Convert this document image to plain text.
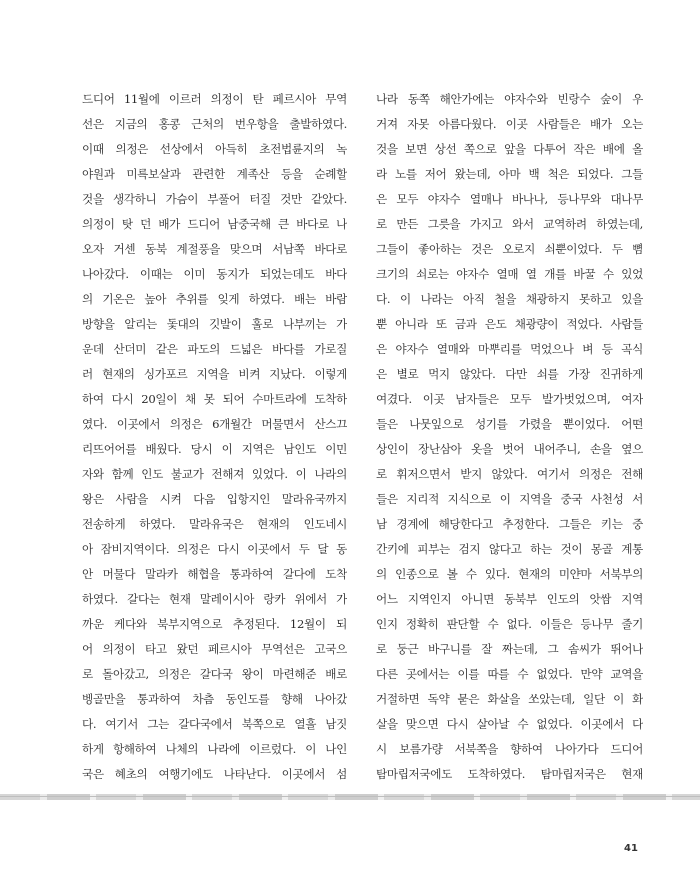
드디어 11월에 이르러 의정이 탄 페르시아 무역
선은 지금의 홍콩 근처의 번우항을 출발하였다.
이때 의정은 선상에서 아득히 초전법륜지의 녹
야원과 미륵보살과 관련한 계족산 등을 순례할
것을 생각하니 가슴이 부풀어 터질 것만 같았다.
의정이 탓 던 배가 드디어 남중국해 큰 바다로 나
오자 거센 동북 계절풍을 맞으며 서남쪽 바다로
나아갔다. 이때는 이미 동지가 되었는데도 바다
의 기온은 높아 추위를 잊게 하였다. 배는 바람
방향을 알리는 돛대의 깃발이 훌로 나부끼는 가
운데 산더미 같은 파도의 드넓은 바다를 가로질
러 현재의 싱가포르 지역을 비켜 지났다. 이렇게
하여 다시 20일이 채 못 되어 수마트라에 도착하
였다. 이곳에서 의정은 6개월간 머물면서 산스끄
리뜨어어를 배웠다. 당시 이 지역은 남인도 이민
자와 함께 인도 불교가 전해져 있었다. 이 나라의
왕은 사람을 시켜 다음 입항지인 말라유국까지
전송하게 하였다. 말라유국은 현재의 인도네시
아 잠비지역이다. 의정은 다시 이곳에서 두 달 동
안 머물다 말라카 해협을 통과하여 갈다에 도착
하였다. 갈다는 현재 말레이시아 랑카 위에서 가
까운 케다와 북부지역으로 추정된다. 12월이 되
어 의정이 타고 왔던 페르시아 무역선은 고국으
로 돌아갔고, 의정은 갈다국 왕이 마련해준 배로
벵골만을 통과하여 차츰 동인도를 향해 나아갔
다. 여기서 그는 갈다국에서 북쪽으로 열흘 남짓
하게 항해하여 나체의 나라에 이르렀다. 이 나인
국은 혜초의 여행기에도 나타난다. 이곳에서 섬
나라 동쪽 해안가에는 야자수와 빈랑수 숲이 우
거져 자못 아름다웠다. 이곳 사람들은 배가 오는
것을 보면 상선 쪽으로 앞을 다투어 작은 배에 올
라 노를 저어 왔는데, 아마 백 척은 되었다. 그들
은 모두 야자수 열매나 바나나, 등나무와 대나무
로 만든 그릇을 가지고 와서 교역하려 하였는데,
그들이 좋아하는 것은 오로지 쇠뿐이었다. 두 뼘
크기의 쇠로는 야자수 열매 열 개를 바꿀 수 있었
다. 이 나라는 아직 철을 채광하지 못하고 있을
뿐 아니라 또 금과 은도 채광량이 적었다. 사람들
은 야자수 열매와 마뿌리를 먹었으나 벼 등 곡식
은 별로 먹지 않았다. 다만 쇠를 가장 진귀하게
여겼다. 이곳 남자들은 모두 발가벗었으며, 여자
들은 나뭇잎으로 성기를 가렸을 뿐이었다. 어떤
상인이 장난삼아 옷을 벗어 내어주니, 손을 옆으
로 휘저으면서 받지 않았다. 여기서 의정은 전해
들은 지리적 지식으로 이 지역을 중국 사천성 서
남 경계에 해당한다고 추정한다. 그들은 키는 중
간키에 피부는 검지 않다고 하는 것이 몽골 계통
의 인종으로 볼 수 있다. 현재의 미얀마 서북부의
어느 지역인지 아니면 동북부 인도의 앗쌈 지역
인지 정확히 판단할 수 없다. 이들은 등나무 줄기
로 둥근 바구니를 잘 짜는데, 그 솜씨가 뛰어나
다른 곳에서는 이를 따를 수 없었다. 만약 교역을
거절하면 독약 묻은 화살을 쏘았는데, 일단 이 화
살을 맞으면 다시 살아날 수 없었다. 이곳에서 다
시 보름가량 서북쪽을 향하여 나아가다 드디어
탐마립저국에도 도착하였다. 탐마립저국은 현재
41
